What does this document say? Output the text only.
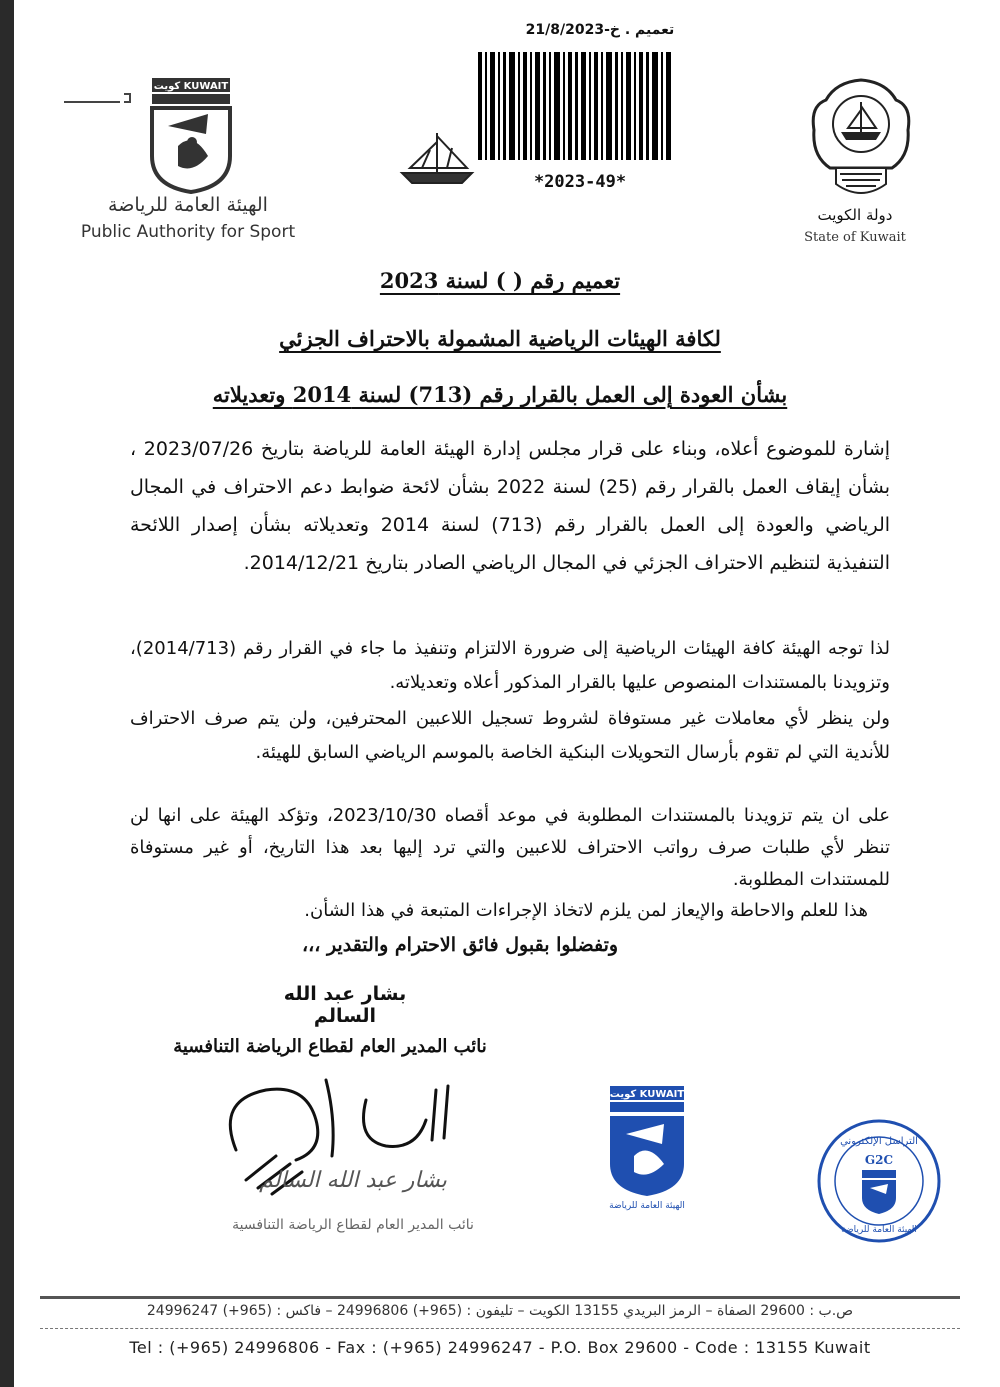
تعميم . خ-21/8/2023
*2023-49*
كويت KUWAIT
الهيئة العامة للرياضة
Public Authority for Sport
دولة الكويت
State of Kuwait
تعميم رقم ( ) لسنة 2023
لكافة الهيئات الرياضية المشمولة بالاحتراف الجزئي
بشأن العودة إلى العمل بالقرار رقم (713) لسنة 2014 وتعديلاته
إشارة للموضوع أعلاه، وبناء على قرار مجلس إدارة الهيئة العامة للرياضة بتاريخ 2023/07/26 ، بشأن إيقاف العمل بالقرار رقم (25) لسنة 2022 بشأن لائحة ضوابط دعم الاحتراف في المجال الرياضي والعودة إلى العمل بالقرار رقم (713) لسنة 2014 وتعديلاته بشأن إصدار اللائحة التنفيذية لتنظيم الاحتراف الجزئي في المجال الرياضي الصادر بتاريخ 2014/12/21.
لذا توجه الهيئة كافة الهيئات الرياضية إلى ضرورة الالتزام وتنفيذ ما جاء في القرار رقم (2014/713)، وتزويدنا بالمستندات المنصوص عليها بالقرار المذكور أعلاه وتعديلاته.
ولن ينظر لأي معاملات غير مستوفاة لشروط تسجيل اللاعبين المحترفين، ولن يتم صرف الاحتراف للأندية التي لم تقوم بأرسال التحويلات البنكية الخاصة بالموسم الرياضي السابق للهيئة.
على ان يتم تزويدنا بالمستندات المطلوبة في موعد أقصاه 2023/10/30، وتؤكد الهيئة على انها لن تنظر لأي طلبات صرف رواتب الاحتراف للاعبين والتي ترد إليها بعد هذا التاريخ، أو غير مستوفاة للمستندات المطلوبة.
هذا للعلم والاحاطة والإيعاز لمن يلزم لاتخاذ الإجراءات المتبعة في هذا الشأن.
وتفضلوا بقبول فائق الاحترام والتقدير ،،،
بشار عبد الله السالم
نائب المدير العام لقطاع الرياضة التنافسية
بشار عبد الله السالم
نائب المدير العام لقطاع الرياضة التنافسية
كويت KUWAIT
الهيئة العامة للرياضة
التراسل الإلكتروني
G2C
الهيئة العامة للرياضة
ص.ب : 29600 الصفاة – الرمز البريدي 13155 الكويت – تليفون : (965+) 24996806 – فاكس : (965+) 24996247
Tel : (+965) 24996806 - Fax : (+965) 24996247 - P.O. Box 29600 - Code : 13155 Kuwait
